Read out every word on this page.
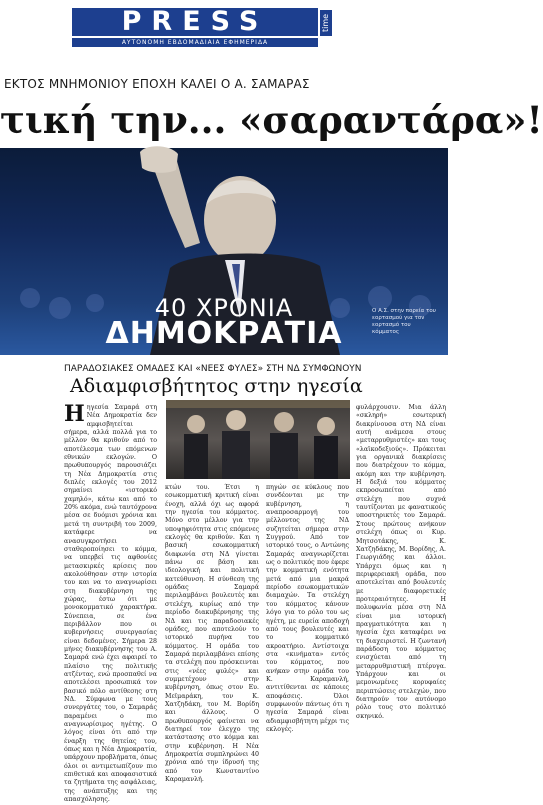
PRESS	time
ΑΥΤΟΝΟΜΗ ΕΒΔΟΜΑΔΙΑΙΑ ΕΦΗΜΕΡΙΔΑ
ΕΚΤΟΣ ΜΝΗΜΟΝΙΟΥ ΕΠΟΧΗ ΚΑΛΕΙ Ο Α. ΣΑΜΑΡΑΣ
τική την... «σαραντάρα»!
Ο Α.Σ. στην πορεία του εορτασμού για τον εορτασμό του κόμματος
40 ΧΡΟΝΙΑ
ΔΗΜΟΚΡΑΤΙΑ
ΠΑΡΑΔΟΣΙΑΚΕΣ ΟΜΑΔΕΣ ΚΑΙ «ΝΕΕΣ ΦΥΛΕΣ» ΣΤΗ ΝΔ ΣΥΜΦΩΝΟΥΝ
Αδιαμφισβήτητος στην ηγεσία
Η ηγεσία Σαμαρά στη Νέα Δημοκρατία δεν αμφισβητείται σήμερα, αλλά πολλά για το μέλλον θα κριθούν από το αποτέλεσμα των επόμενων εθνικών εκλογών. Ο πρωθυπουργός παρουσιάζει τη Νέα Δημοκρατία στις διπλές εκλογές του 2012 σημαίνει «ιστορικό χαμηλό», κάτω και από το 20% ακόμα, ενώ ταυτόχρονα μέσα σε δυόμισι χρόνια και μετά τη συντριβή του 2009, κατάφερε να ανασυγκροτήσει σταθεροποίησει το κόμμα, να υπερβεί τις αφθονίες μετασκιρκές κρίσεις που ακολούθησαν στην ιστορία του και να το αναγνωρίσει στη διακυβέρνηση της χώρας, έστω ότι με μονοκομματικό χαρακτήρα. Σύνεπεια, σε ένα περιβάλλον που οι κυβερνήσεις συνεργασίας είναι δεδομένες. Σήμερα 28 μήνες διακυβέρνησης του Α. Σαμαρά ενώ έχει αφαιρεί το πλαίσιο της πολιτικής ατζέντας, ενώ προσπαθεί να αποτελέσει προσωπικά τον βασικό πόλο αντίθεσης στη ΝΔ. Σύμφωνα με τους συνεργάτες του, ο Σαμαράς παραμένει ο πιο αναγνωρίσιμος ηγέτης. Ο λόγος είναι ότι από την έναρξη της θητείας του, όπως και η Νέα Δημοκρατία, υπάρχουν προβλήματα, όπως όλοι οι αντιμετωπίζουν πιο επιθετικά και αποφασιστικά τα ζητήματα της ασφάλειας, της ανάπτυξης και της απασχόλησης.

κτών του. Έτσι η εσωκομματική κριτική είναι ένοχη, αλλά όχι ως αφορά την ηγεσία του κόμματος. Μόνο στο μέλλον για την υποψηφιότητα στις επόμενες εκλογές θα κριθούν. Και η βασική εσωκομματική διαφωνία στη ΝΔ γίνεται πάνω σε βάση και ιδεολογική και πολιτική κατεύθυνση. Η σύνθεση της ομάδας Σαμαρά περιλαμβάνει βουλευτές και στελέχη, κυρίως από την περίοδο διακυβέρνησης της ΝΔ και τις παραδοσιακές ομάδες, που αποτελούν το ιστορικό πυρήνα του κόμματος. Η ομάδα του Σαμαρά περιλαμβάνει επίσης τα στελέχη που πρόσκεινται στις «νέες φυλές» και συμμετέχουν στην κυβέρνηση, όπως στον Ευ. Μεϊμαράκη, τον Κ. Χατζηδάκη, τον Μ. Βορίδη και άλλους. Ο πρωθυπουργός φαίνεται να διατηρεί τον έλεγχο της κατάστασης στο κόμμα και στην κυβέρνηση. Η Νέα Δημοκρατία συμπληρώνει 40 χρόνια από την ίδρυσή της από τον Κωνσταντίνο Καραμανλή.

πηγών σε κύκλους που συνδέονται με την κυβέρνηση, η αναπροσαρμογή του μέλλοντος της ΝΔ συζητείται σήμερα στην Συγγρού. Από τον ιστορικό τους, ο Αντώνης Σαμαράς αναγνωρίζεται ως ο πολιτικός που έφερε την κομματική ενότητα μετά από μια μακρά περίοδο εσωκομματικών διαμαχών. Τα στελέχη του κόμματος κάνουν λόγο για το ρόλο του ως ηγέτη, με ευρεία αποδοχή από τους βουλευτές και το κομματικό ακροατήριο. Αντίστοιχα στα «κινήματα» εντός του κόμματος, που ανήκαν στην ομάδα του Κ. Καραμανλή, αντιτίθενται σε κάποιες αποφάσεις. Όλοι συμφωνούν πάντως ότι η ηγεσία Σαμαρά είναι αδιαμφισβήτητη μέχρι τις εκλογές.

φυλάρχουσιν. Μια άλλη «σκληρή» εσωτερική διακρίνουσα στη ΝΔ είναι αυτή ανάμεσα στους «μεταρρυθμιστές» και τους «λαϊκοδεξιούς». Πρόκειται για οργανικά διακρίσεις που διατρέχουν το κόμμα, ακόμη και την κυβέρνηση. Η δεξιά του κόμματος εκπροσωπείται από στελέχη που συχνά ταυτίζονται με φανατικούς υποστηρικτές του Σαμαρά. Στους πρώτους ανήκουν στελέχη όπως οι Κυρ. Μητσοτάκης, Κ. Χατζηδάκης, Μ. Βορίδης, Α. Γεωργιάδης και άλλοι. Υπάρχει όμως και η περιφερειακή ομάδα, που αποτελείται από βουλευτές με διαφορετικές προτεραιότητες. Η πολυφωνία μέσα στη ΝΔ είναι μια ιστορική πραγματικότητα και η ηγεσία έχει καταφέρει να τη διαχειριστεί. Η ζωντανή παράδοση του κόμματος ενισχύεται από τη μεταρρυθμιστική πτέρυγα. Υπάρχουν και οι μεμονωμένες κορυφαίες περιπτώσεις στελεχών, που διατηρούν τον αυτόνομο ρόλο τους στο πολιτικό σκηνικό.
